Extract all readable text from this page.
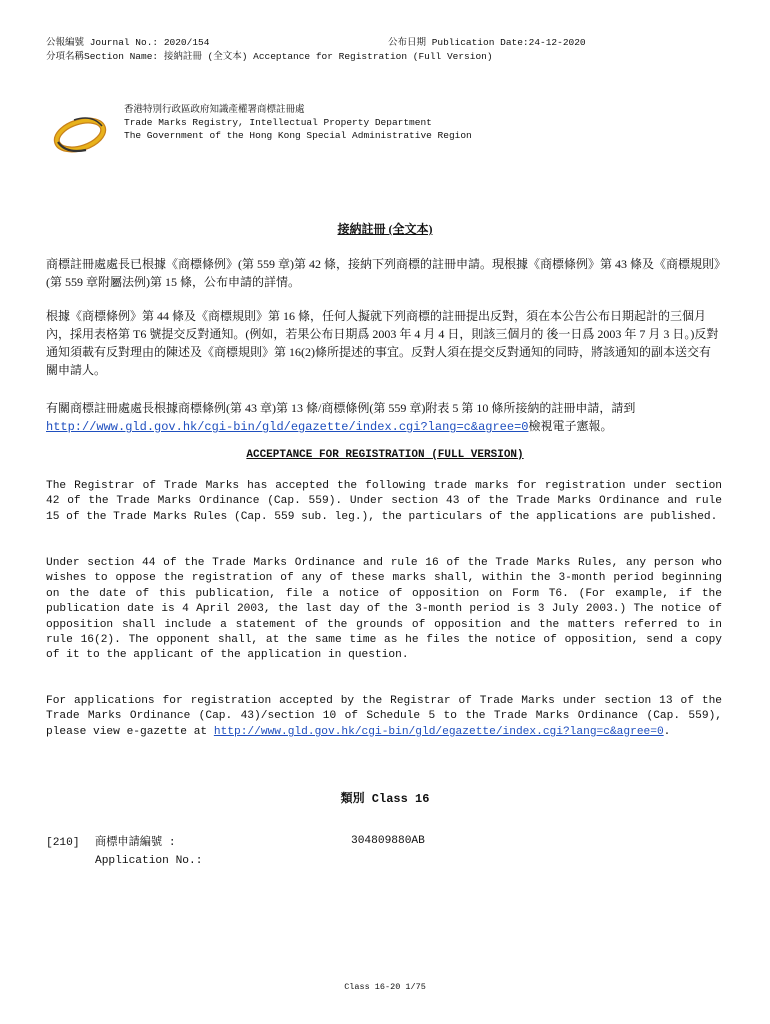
公報編號 Journal No.: 2020/154	公布日期 Publication Date:24-12-2020
分項名稱Section Name: 接納註冊 (全文本) Acceptance for Registration (Full Version)
香港特別行政區政府知識產權署商標註冊處
Trade Marks Registry, Intellectual Property Department
The Government of the Hong Kong Special Administrative Region
接納註冊 (全文本)
商標註冊處處長已根據《商標條例》(第 559 章)第 42 條，接納下列商標的註冊申請。現根據《商標條例》第 43 條及《商標規則》(第 559 章附屬法例)第 15 條，公布申請的詳情。
根據《商標條例》第 44 條及《商標規則》第 16 條，任何人擬就下列商標的註冊提出反對，須在本公告公布日期起計的三個月內，採用表格第 T6 號提交反對通知。(例如，若果公布日期爲 2003 年 4 月 4 日，則該三個月的 後一日爲 2003 年 7 月 3 日。)反對通知須載有反對理由的陳述及《商標規則》第 16(2)條所提述的事宜。反對人須在提交反對通知的同時，將該通知的副本送交有關申請人。
有關商標註冊處處長根據商標條例(第 43 章)第 13 條/商標條例(第 559 章)附表 5 第 10 條所接納的註冊申請，請到
http://www.gld.gov.hk/cgi-bin/gld/egazette/index.cgi?lang=c&agree=0檢視電子憲報。
ACCEPTANCE FOR REGISTRATION (FULL VERSION)
The Registrar of Trade Marks has accepted the following trade marks for registration under section 42 of the Trade Marks Ordinance (Cap. 559). Under section 43 of the Trade Marks Ordinance and rule 15 of the Trade Marks Rules (Cap. 559 sub. leg.), the particulars of the applications are published.
Under section 44 of the Trade Marks Ordinance and rule 16 of the Trade Marks Rules, any person who wishes to oppose the registration of any of these marks shall, within the 3-month period beginning on the date of this publication, file a notice of opposition on Form T6. (For example, if the publication date is 4 April 2003, the last day of the 3-month period is 3 July 2003.) The notice of opposition shall include a statement of the grounds of opposition and the matters referred to in rule 16(2). The opponent shall, at the same time as he files the notice of opposition, send a copy of it to the applicant of the application in question.
For applications for registration accepted by the Registrar of Trade Marks under section 13 of the Trade Marks Ordinance (Cap. 43)/section 10 of Schedule 5 to the Trade Marks Ordinance (Cap. 559), please view e-gazette at http://www.gld.gov.hk/cgi-bin/gld/egazette/index.cgi?lang=c&agree=0.
類別 Class 16
[210] 商標申請編號 :
Application No.:
304809880AB
Class 16-20 1/75
